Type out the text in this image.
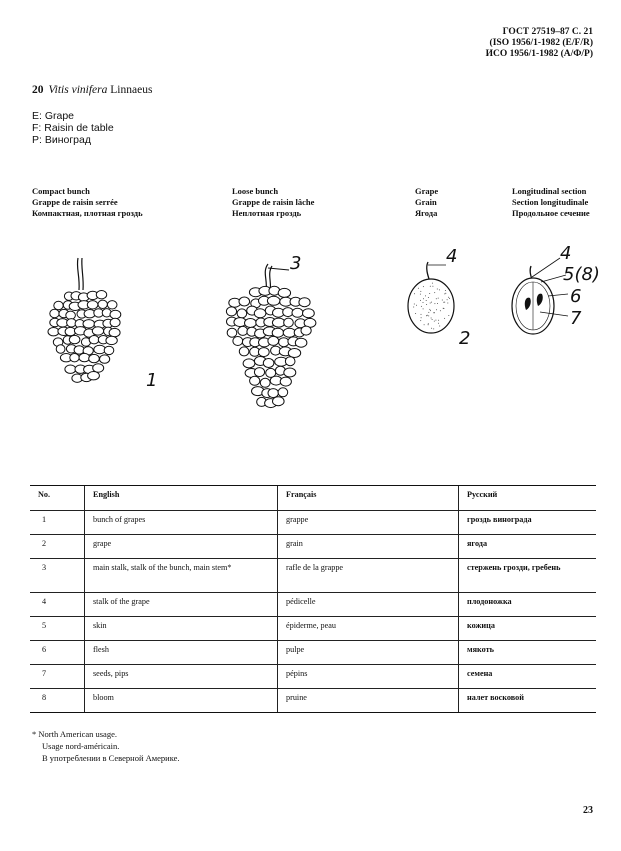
ГОСТ 27519–87 С. 21
(ISO 1956/1-1982 (E/F/R)
ИСО 1956/1-1982 (А/Ф/Р)
20 Vitis vinifera Linnaeus
E: Grape
F: Raisin de table
P: Виноград
Compact bunch
Grappe de raisin serrée
Компактная, плотная гроздь
Loose bunch
Grappe de raisin lâche
Неплотная гроздь
Grape
Grain
Ягода
Longitudinal section
Section longitudinale
Продольное сечение
1
3	4
2
4
5(8)
6
7
No.	English	Français	Русский
1	bunch of grapes	grappe	гроздь винограда
2	grape	grain	ягода
3	main stalk, stalk of the bunch, main stem*	rafle de la grappe	стержень грозди, гребень
4	stalk of the grape	pédicelle	плодоножка
5	skin	épiderme, peau	кожица
6	flesh	pulpe	мякоть
7	seeds, pips	pépins	семена
8	bloom	pruine	налет восковой
* North American usage.
Usage nord-américain.
В употреблении в Северной Америке.
23
